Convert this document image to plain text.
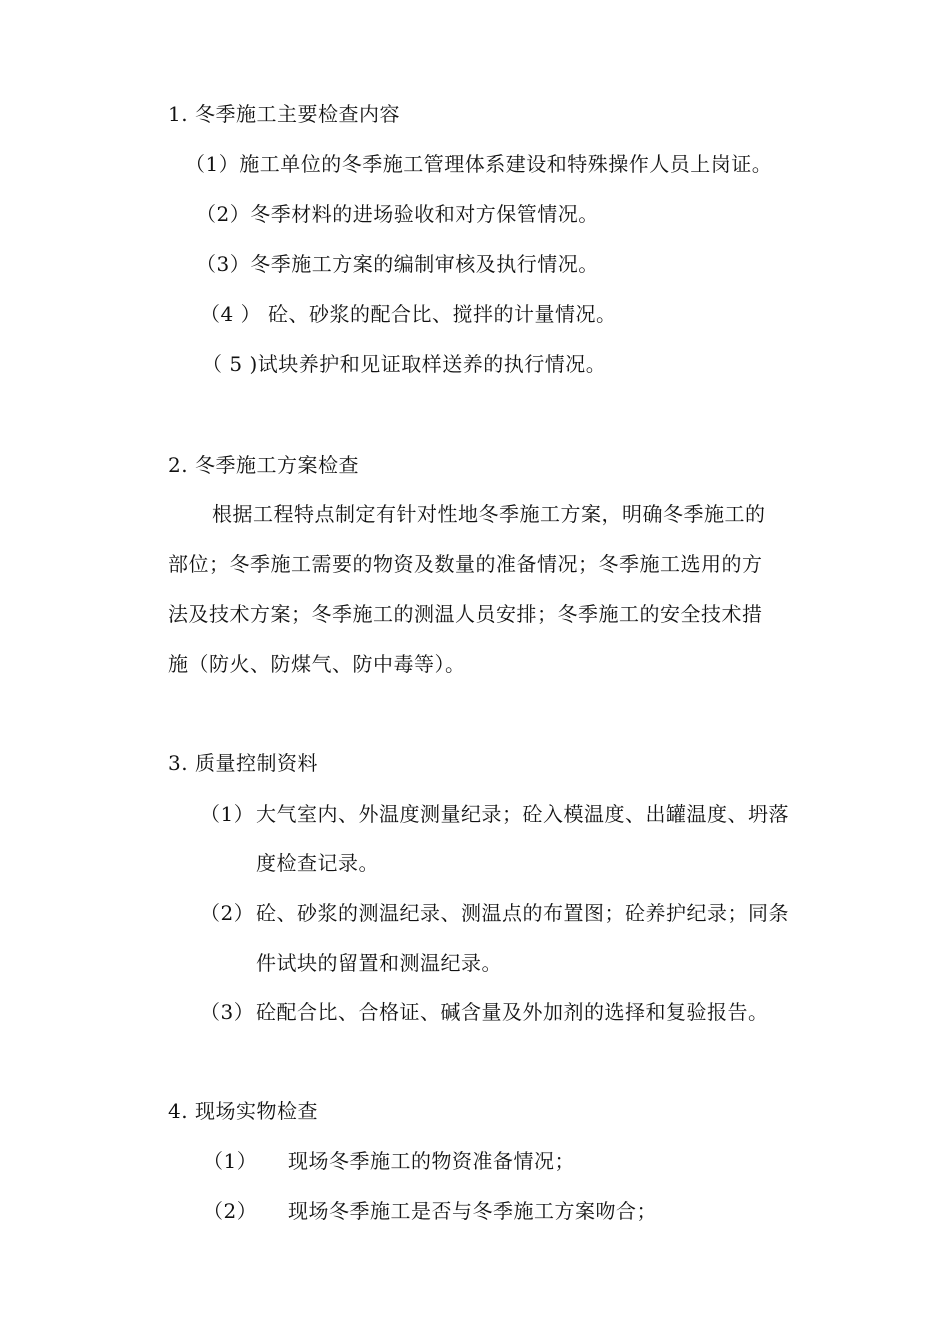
1. 冬季施工主要检查内容
（1）施工单位的冬季施工管理体系建设和特殊操作人员上岗证。
（2）冬季材料的进场验收和对方保管情况。
（3）冬季施工方案的编制审核及执行情况。
（4 ） 砼、砂浆的配合比、搅拌的计量情况。
（ 5 )试块养护和见证取样送养的执行情况。
2. 冬季施工方案检查
根据工程特点制定有针对性地冬季施工方案，明确冬季施工的
部位；冬季施工需要的物资及数量的准备情况；冬季施工选用的方
法及技术方案；冬季施工的测温人员安排；冬季施工的安全技术措
施（防火、防煤气、防中毒等）。
3. 质量控制资料
（1） 大气室内、外温度测量纪录；砼入模温度、出罐温度、坍落
度检查记录。
（2） 砼、砂浆的测温纪录、测温点的布置图；砼养护纪录；同条
件试块的留置和测温纪录。
（3） 砼配合比、合格证、碱含量及外加剂的选择和复验报告。
4. 现场实物检查
（1） 现场冬季施工的物资准备情况；
（2） 现场冬季施工是否与冬季施工方案吻合；
